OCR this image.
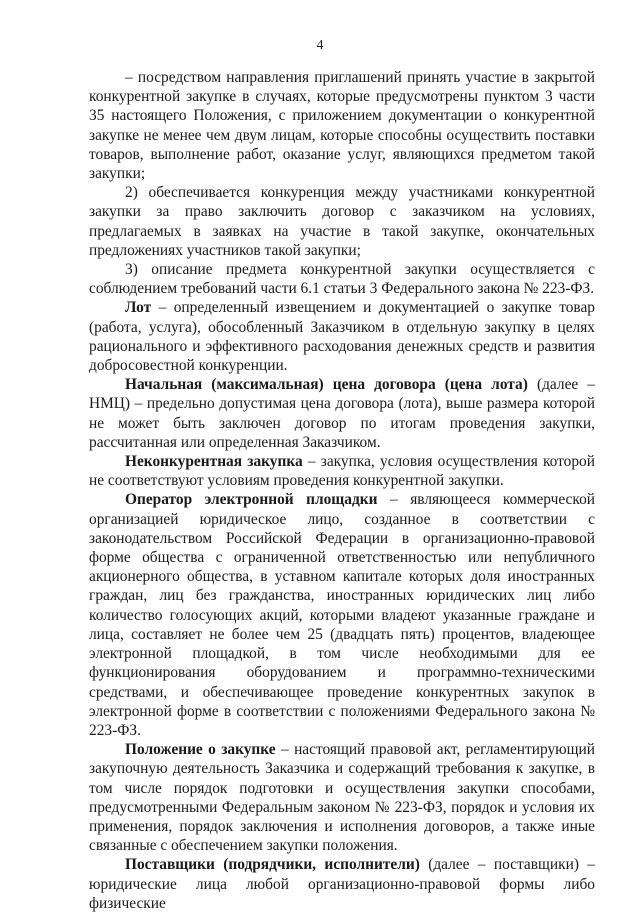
4

– посредством направления приглашений принять участие в закрытой конкурентной закупке в случаях, которые предусмотрены пунктом 3 части 35 настоящего Положения, с приложением документации о конкурентной закупке не менее чем двум лицам, которые способны осуществить поставки товаров, выполнение работ, оказание услуг, являющихся предметом такой закупки;

2) обеспечивается конкуренция между участниками конкурентной закупки за право заключить договор с заказчиком на условиях, предлагаемых в заявках на участие в такой закупке, окончательных предложениях участников такой закупки;

3) описание предмета конкурентной закупки осуществляется с соблюдением требований части 6.1 статьи 3 Федерального закона № 223-ФЗ.

Лот – определенный извещением и документацией о закупке товар (работа, услуга), обособленный Заказчиком в отдельную закупку в целях рационального и эффективного расходования денежных средств и развития добросовестной конкуренции.

Начальная (максимальная) цена договора (цена лота) (далее – НМЦ) – предельно допустимая цена договора (лота), выше размера которой не может быть заключен договор по итогам проведения закупки, рассчитанная или определенная Заказчиком.

Неконкурентная закупка – закупка, условия осуществления которой не соответствуют условиям проведения конкурентной закупки.

Оператор электронной площадки – являющееся коммерческой организацией юридическое лицо, созданное в соответствии с законодательством Российской Федерации в организационно-правовой форме общества с ограниченной ответственностью или непубличного акционерного общества, в уставном капитале которых доля иностранных граждан, лиц без гражданства, иностранных юридических лиц либо количество голосующих акций, которыми владеют указанные граждане и лица, составляет не более чем 25 (двадцать пять) процентов, владеющее электронной площадкой, в том числе необходимыми для ее функционирования оборудованием и программно-техническими средствами, и обеспечивающее проведение конкурентных закупок в электронной форме в соответствии с положениями Федерального закона № 223-ФЗ.

Положение о закупке – настоящий правовой акт, регламентирующий закупочную деятельность Заказчика и содержащий требования к закупке, в том числе порядок подготовки и осуществления закупки способами, предусмотренными Федеральным законом № 223-ФЗ, порядок и условия их применения, порядок заключения и исполнения договоров, а также иные связанные с обеспечением закупки положения.

Поставщики (подрядчики, исполнители) (далее – поставщики) – юридические лица любой организационно-правовой формы либо физические
